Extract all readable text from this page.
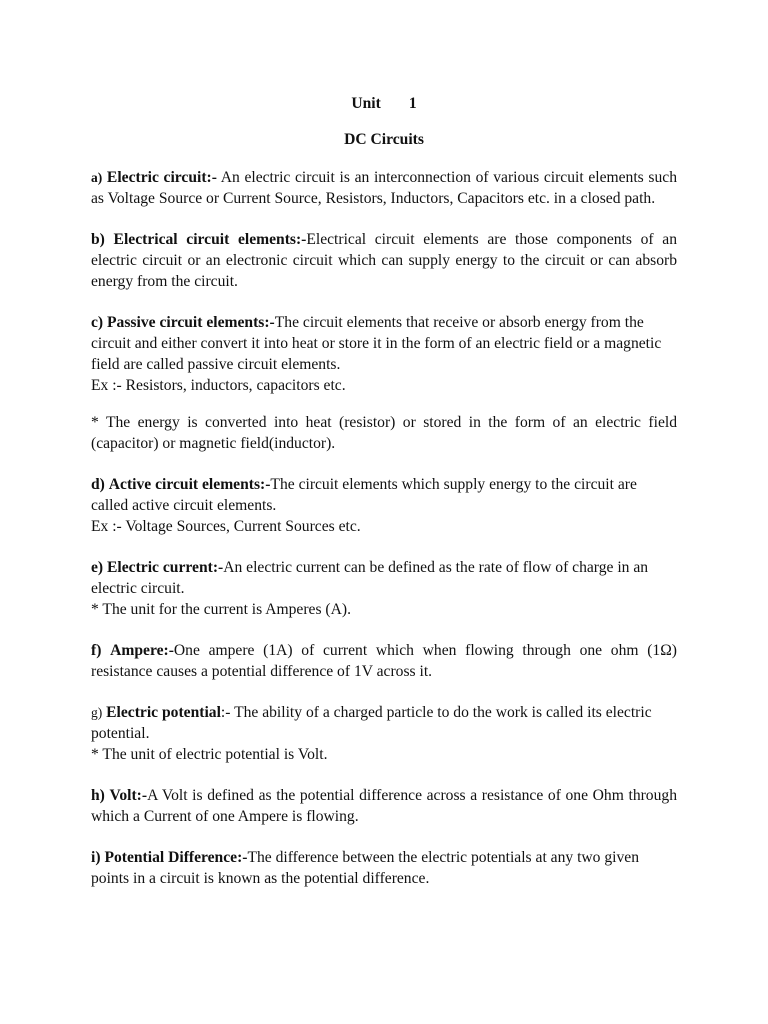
Unit 1

DC Circuits

a) Electric circuit:- An electric circuit is an interconnection of various circuit elements such as Voltage Source or Current Source, Resistors, Inductors, Capacitors etc. in a closed path.

b) Electrical circuit elements:-Electrical circuit elements are those components of an electric circuit or an electronic circuit which can supply energy to the circuit or can absorb energy from the circuit.

c) Passive circuit elements:-The circuit elements that receive or absorb energy from the circuit and either convert it into heat or store it in the form of an electric field or a magnetic field are called passive circuit elements.
Ex :- Resistors, inductors, capacitors etc.

* The energy is converted into heat (resistor) or stored in the form of an electric field (capacitor) or magnetic field(inductor).

d) Active circuit elements:-The circuit elements which supply energy to the circuit are called active circuit elements.
Ex :- Voltage Sources, Current Sources etc.

e) Electric current:-An electric current can be defined as the rate of flow of charge in an electric circuit.
* The unit for the current is Amperes (A).

f) Ampere:-One ampere (1A) of current which when flowing through one ohm (1Ω) resistance causes a potential difference of 1V across it.

g) Electric potential:- The ability of a charged particle to do the work is called its electric potential.
* The unit of electric potential is Volt.

h) Volt:-A Volt is defined as the potential difference across a resistance of one Ohm through which a Current of one Ampere is flowing.

i) Potential Difference:-The difference between the electric potentials at any two given points in a circuit is known as the potential difference.
